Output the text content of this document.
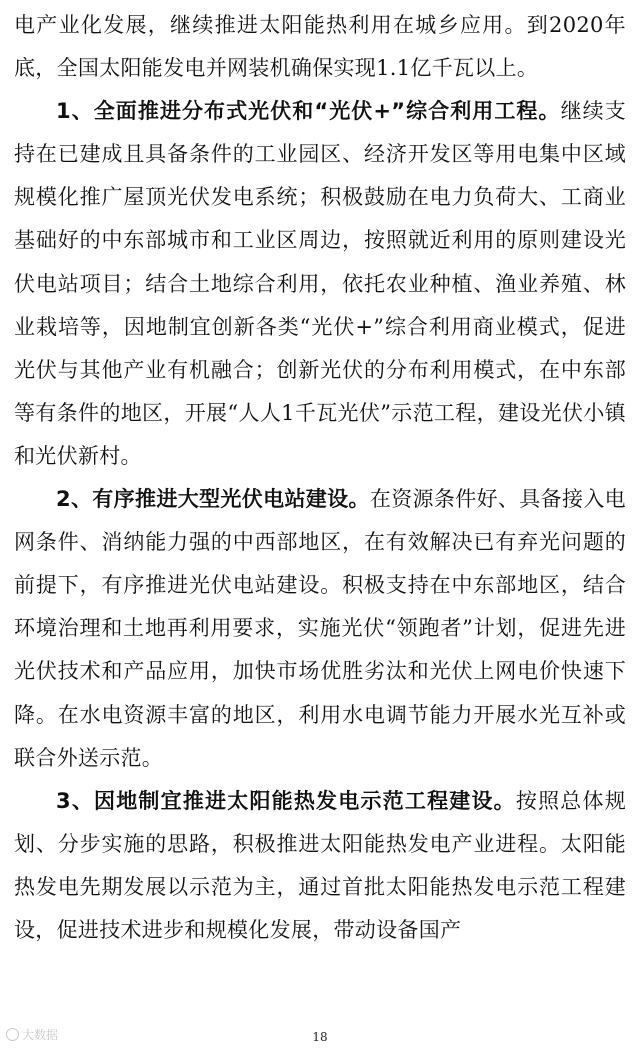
电产业化发展，继续推进太阳能热利用在城乡应用。到2020年底，全国太阳能发电并网装机确保实现1.1亿千瓦以上。

1、全面推进分布式光伏和“光伏+”综合利用工程。继续支持在已建成且具备条件的工业园区、经济开发区等用电集中区域规模化推广屋顶光伏发电系统；积极鼓励在电力负荷大、工商业基础好的中东部城市和工业区周边，按照就近利用的原则建设光伏电站项目；结合土地综合利用，依托农业种植、渔业养殖、林业栽培等，因地制宜创新各类“光伏+”综合利用商业模式，促进光伏与其他产业有机融合；创新光伏的分布利用模式，在中东部等有条件的地区，开展“人人1千瓦光伏”示范工程，建设光伏小镇和光伏新村。

2、有序推进大型光伏电站建设。在资源条件好、具备接入电网条件、消纳能力强的中西部地区，在有效解决已有弃光问题的前提下，有序推进光伏电站建设。积极支持在中东部地区，结合环境治理和土地再利用要求，实施光伏“领跑者”计划，促进先进光伏技术和产品应用，加快市场优胜劣汰和光伏上网电价快速下降。在水电资源丰富的地区，利用水电调节能力开展水光互补或联合外送示范。

3、因地制宜推进太阳能热发电示范工程建设。按照总体规划、分步实施的思路，积极推进太阳能热发电产业进程。太阳能热发电先期发展以示范为主，通过首批太阳能热发电示范工程建设，促进技术进步和规模化发展，带动设备国产

大数据	18
